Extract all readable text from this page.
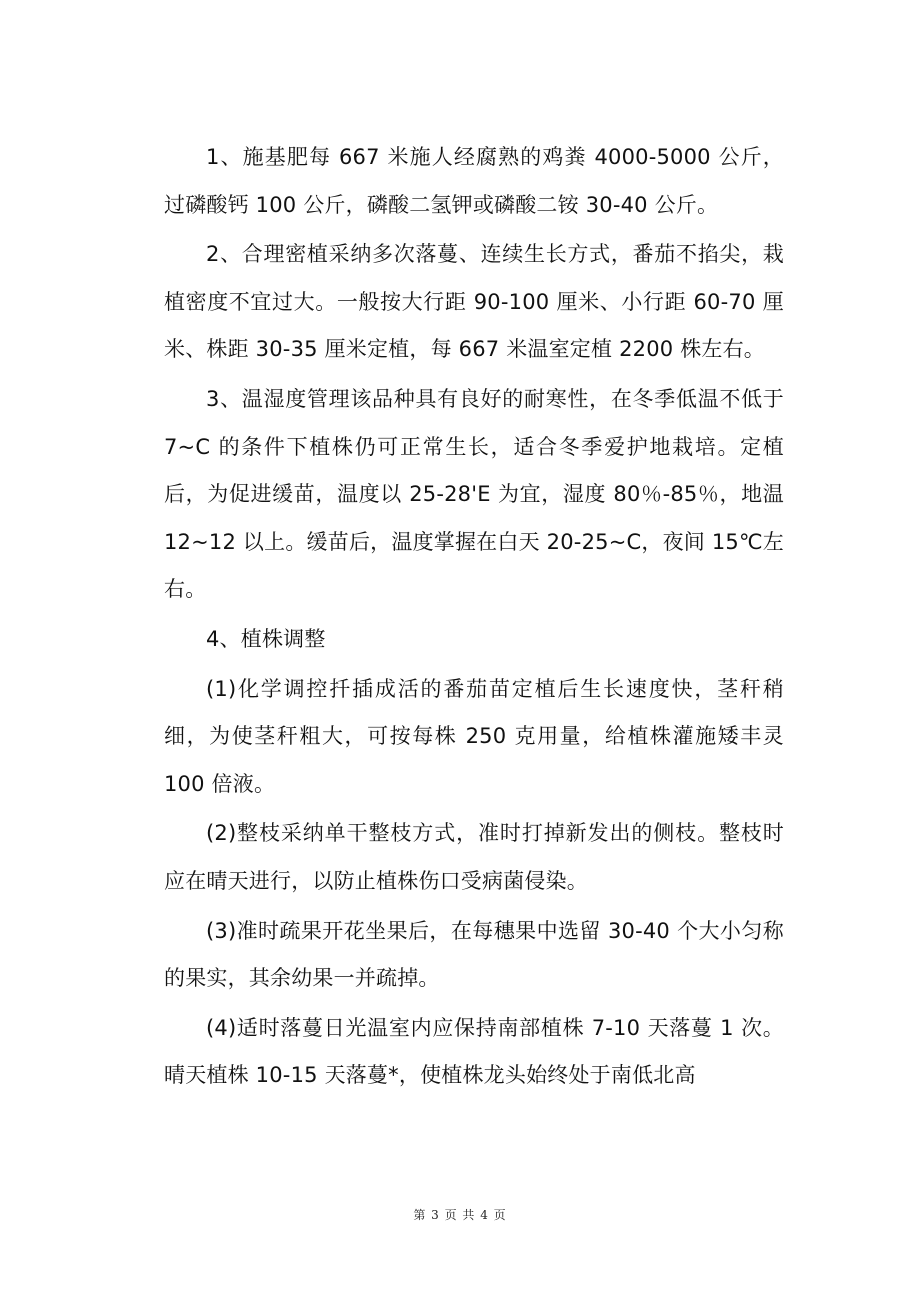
1、施基肥每 667 米施人经腐熟的鸡粪 4000-5000 公斤，过磷酸钙 100 公斤，磷酸二氢钾或磷酸二铵 30-40 公斤。

2、合理密植采纳多次落蔓、连续生长方式，番茄不掐尖，栽植密度不宜过大。一般按大行距 90-100 厘米、小行距 60-70 厘米、株距 30-35 厘米定植，每 667 米温室定植 2200 株左右。

3、温湿度管理该品种具有良好的耐寒性，在冬季低温不低于 7~C 的条件下植株仍可正常生长，适合冬季爱护地栽培。定植后，为促进缓苗，温度以 25-28'E 为宜，湿度 80％-85％，地温 12~12 以上。缓苗后，温度掌握在白天 20-25~C，夜间 15℃左右。

4、植株调整

(1)化学调控扦插成活的番茄苗定植后生长速度快，茎秆稍细，为使茎秆粗大，可按每株 250 克用量，给植株灌施矮丰灵 100 倍液。

(2)整枝采纳单干整枝方式，准时打掉新发出的侧枝。整枝时应在晴天进行，以防止植株伤口受病菌侵染。

(3)准时疏果开花坐果后，在每穗果中选留 30-40 个大小匀称的果实，其余幼果一并疏掉。

(4)适时落蔓日光温室内应保持南部植株 7-10 天落蔓 1 次。晴天植株 10-15 天落蔓*，使植株龙头始终处于南低北高

第 3 页 共 4 页
